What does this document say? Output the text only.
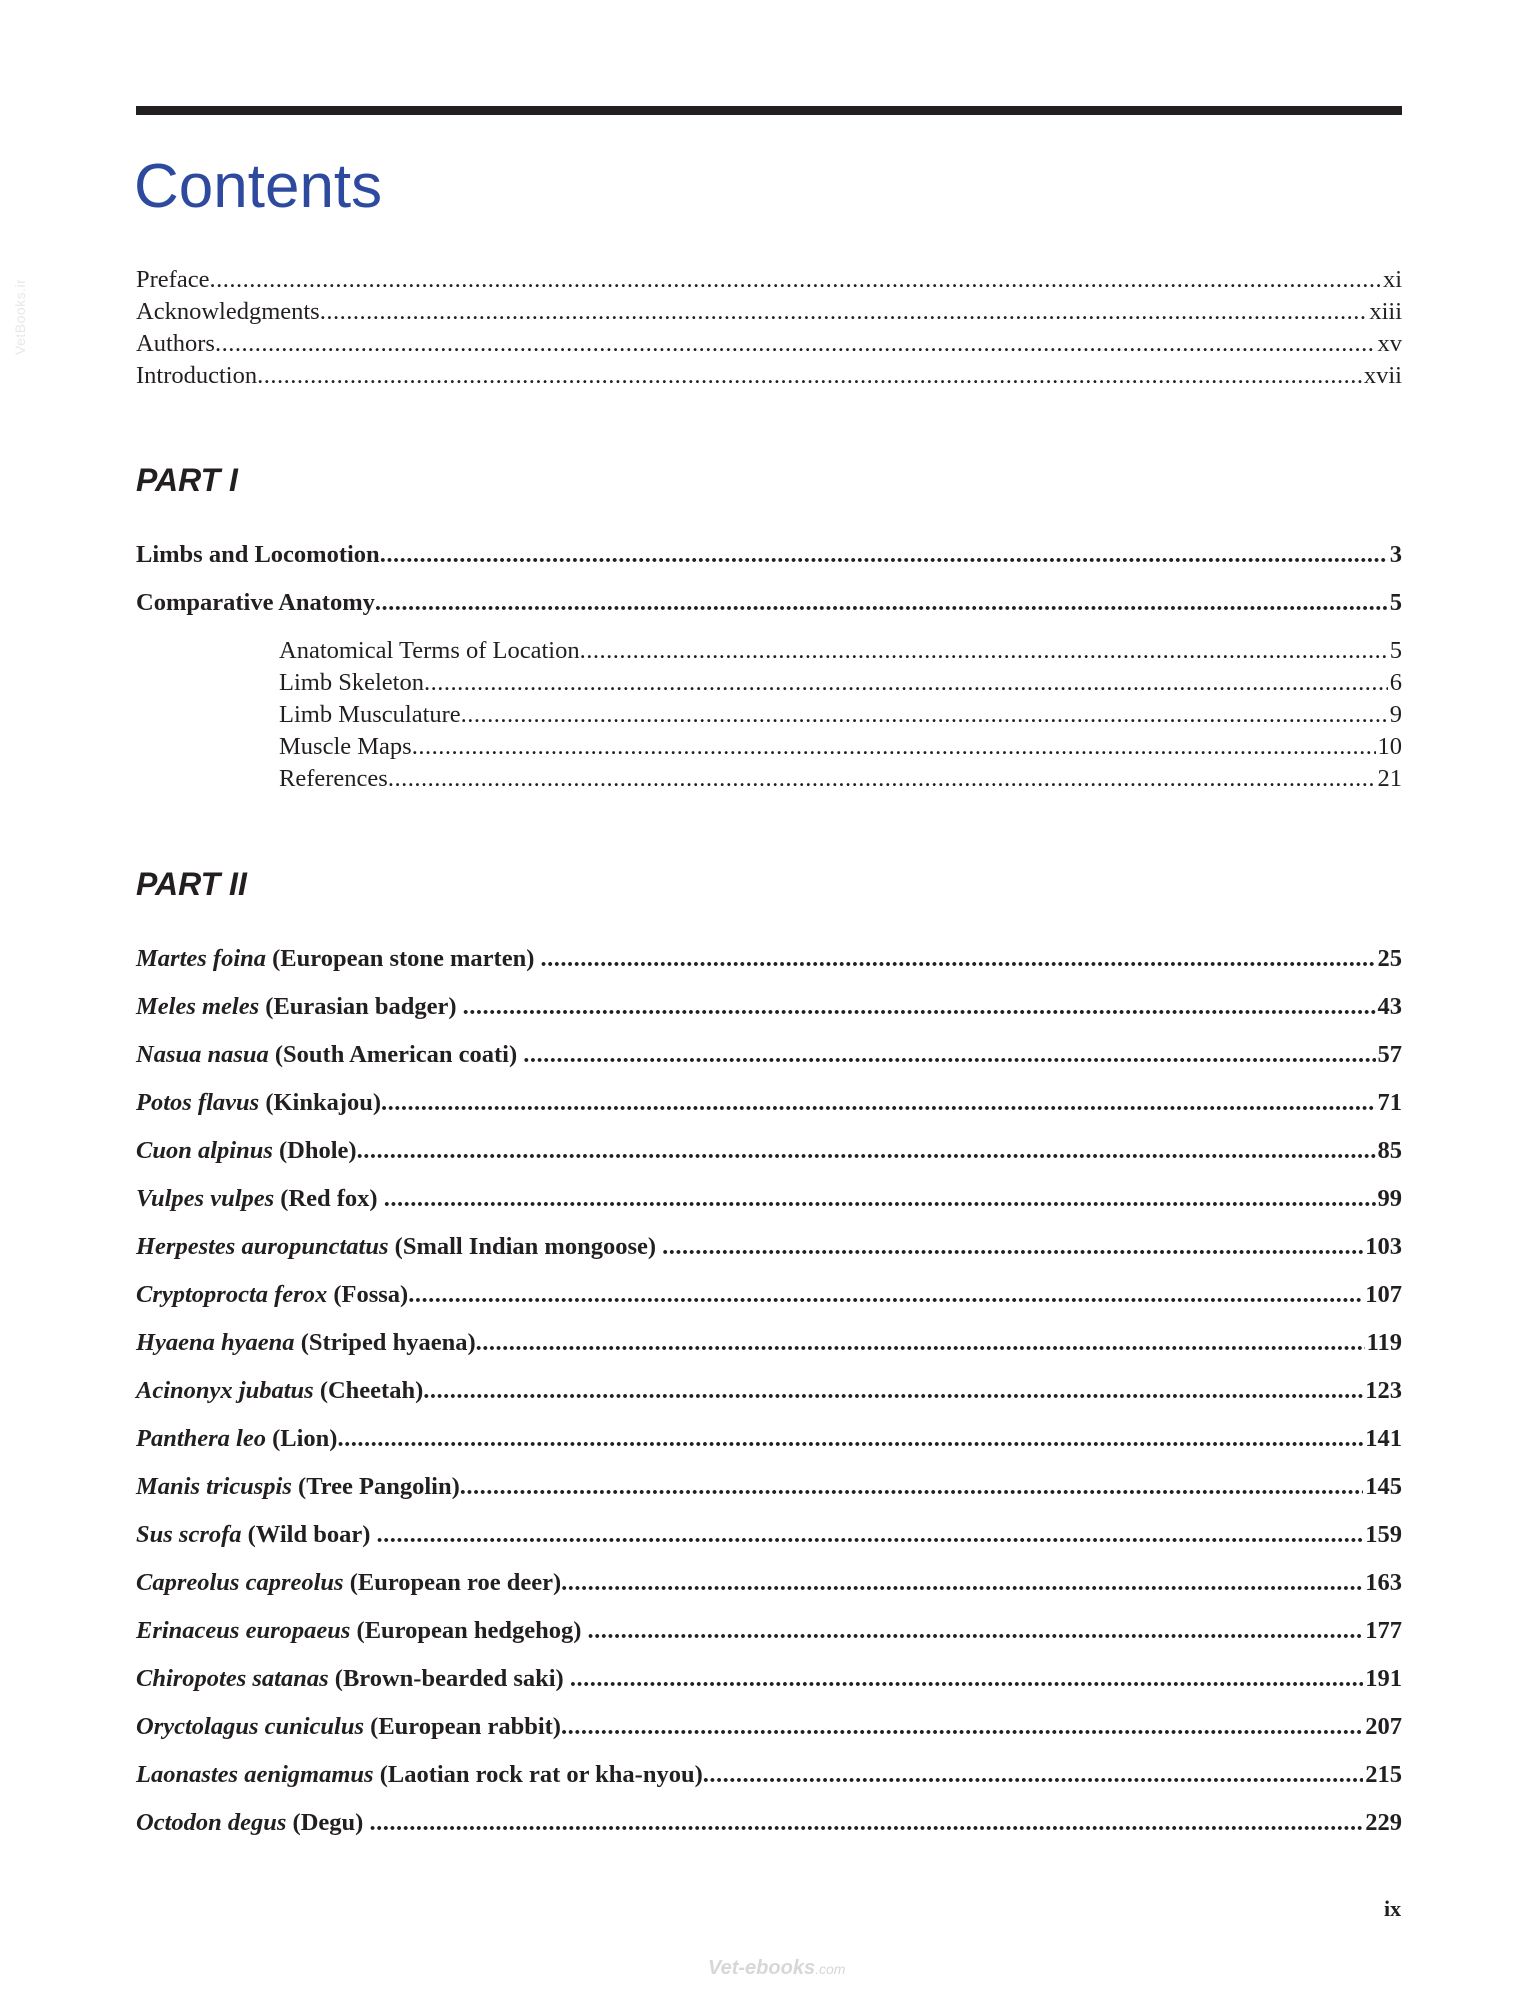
VetBooks.ir
Contents
Preface .....	xi
Acknowledgments .....	xiii
Authors .....	xv
Introduction .....	xvii
PART I
Limbs and Locomotion .....	3
Comparative Anatomy .....	5
Anatomical Terms of Location .....	5
Limb Skeleton .....	6
Limb Musculature .....	9
Muscle Maps .....	10
References .....	21
PART II
Martes foina (European stone marten) .....	25
Meles meles (Eurasian badger) .....	43
Nasua nasua (South American coati) .....	57
Potos flavus (Kinkajou) .....	71
Cuon alpinus (Dhole) .....	85
Vulpes vulpes (Red fox) .....	99
Herpestes auropunctatus (Small Indian mongoose) .....	103
Cryptoprocta ferox (Fossa) .....	107
Hyaena hyaena (Striped hyaena) .....	119
Acinonyx jubatus (Cheetah) .....	123
Panthera leo (Lion) .....	141
Manis tricuspis (Tree Pangolin) .....	145
Sus scrofa (Wild boar) .....	159
Capreolus capreolus (European roe deer) .....	163
Erinaceus europaeus (European hedgehog) .....	177
Chiropotes satanas (Brown-bearded saki) .....	191
Oryctolagus cuniculus (European rabbit) .....	207
Laonastes aenigmamus (Laotian rock rat or kha-nyou) .....	215
Octodon degus (Degu) .....	229
ix
Vet-ebooks.com
